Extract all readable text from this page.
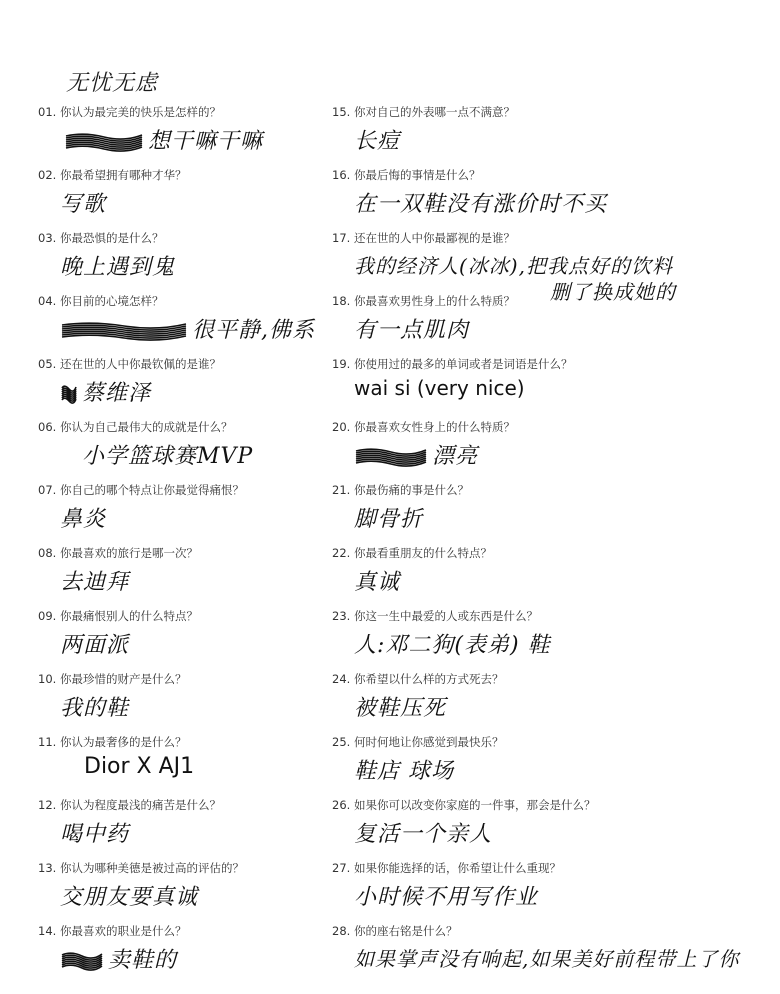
无忧无虑
01. 你认为最完美的快乐是怎样的？
想干嘛干嘛
02. 你最希望拥有哪种才华？
写歌
03. 你最恐惧的是什么？
晚上遇到鬼
04. 你目前的心境怎样？
很平静,佛系
05. 还在世的人中你最钦佩的是谁？
蔡维泽
06. 你认为自己最伟大的成就是什么？
小学篮球赛MVP
07. 你自己的哪个特点让你最觉得痛恨？
鼻炎
08. 你最喜欢的旅行是哪一次？
去迪拜
09. 你最痛恨别人的什么特点？
两面派
10. 你最珍惜的财产是什么？
我的鞋
11. 你认为最奢侈的是什么？
Dior X AJ1
12. 你认为程度最浅的痛苦是什么？
喝中药
13. 你认为哪种美德是被过高的评估的？
交朋友要真诚
14. 你最喜欢的职业是什么？
卖鞋的
15. 你对自己的外表哪一点不满意？
长痘
16. 你最后悔的事情是什么？
在一双鞋没有涨价时不买
17. 还在世的人中你最鄙视的是谁？
我的经济人(冰冰),把我点好的饮料
删了换成她的
18. 你最喜欢男性身上的什么特质？
有一点肌肉
19. 你使用过的最多的单词或者是词语是什么？
wai si (very nice)
20. 你最喜欢女性身上的什么特质？
漂亮
21. 你最伤痛的事是什么？
脚骨折
22. 你最看重朋友的什么特点？
真诚
23. 你这一生中最爱的人或东西是什么？
人:邓二狗(表弟) 鞋
24. 你希望以什么样的方式死去？
被鞋压死
25. 何时何地让你感觉到最快乐？
鞋店 球场
26. 如果你可以改变你家庭的一件事，那会是什么？
复活一个亲人
27. 如果你能选择的话，你希望让什么重现？
小时候不用写作业
28. 你的座右铭是什么？
如果掌声没有响起,如果美好前程带上了你
